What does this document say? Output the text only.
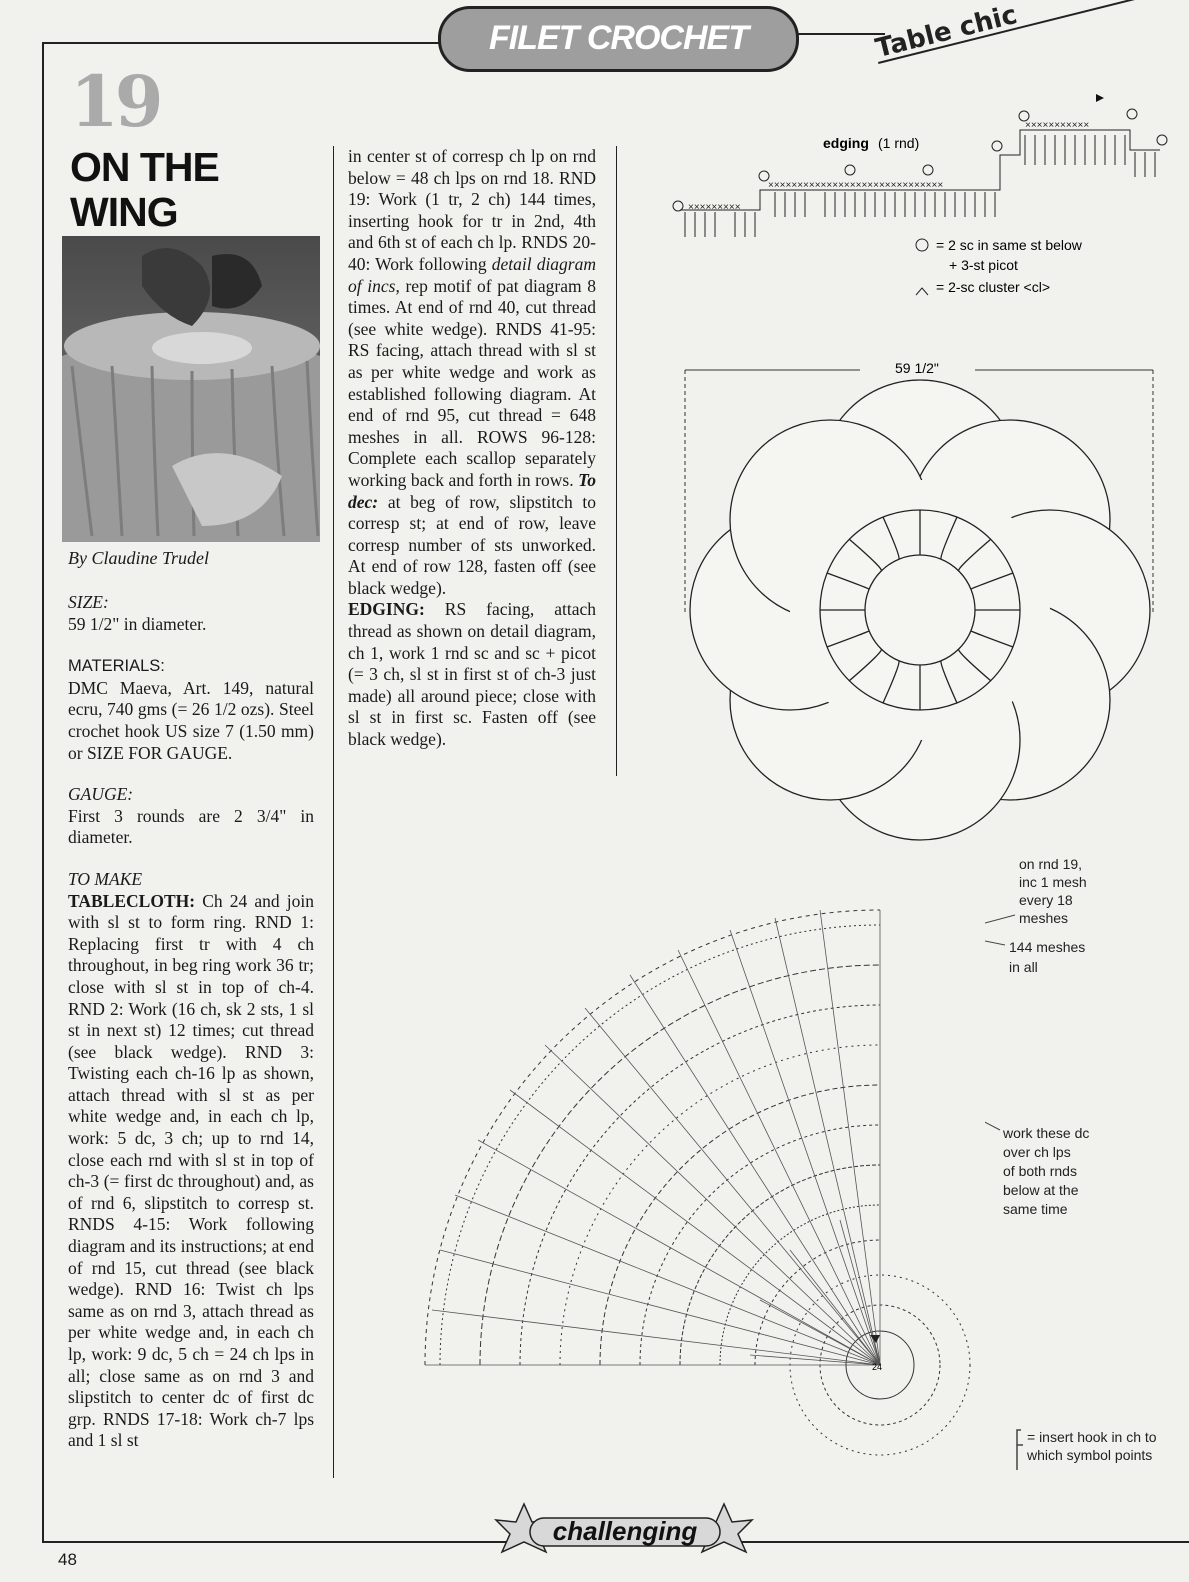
FILET CROCHET	Table chic
19
ON THE
WING
By Claudine Trudel

SIZE:
59 1/2" in diameter.

MATERIALS:
DMC Maeva, Art. 149, natural ecru, 740 gms (= 26 1/2 ozs). Steel crochet hook US size 7 (1.50 mm) or SIZE FOR GAUGE.

GAUGE:
First 3 rounds are 2 3/4" in diameter.

TO MAKE
TABLECLOTH: Ch 24 and join with sl st to form ring. RND 1: Replacing first tr with 4 ch throughout, in beg ring work 36 tr; close with sl st in top of ch-4. RND 2: Work (16 ch, sk 2 sts, 1 sl st in next st) 12 times; cut thread (see black wedge). RND 3: Twisting each ch-16 lp as shown, attach thread with sl st as per white wedge and, in each ch lp, work: 5 dc, 3 ch; up to rnd 14, close each rnd with sl st in top of ch-3 (= first dc throughout) and, as of rnd 6, slipstitch to corresp st. RNDS 4-15: Work following diagram and its instructions; at end of rnd 15, cut thread (see black wedge). RND 16: Twist ch lps same as on rnd 3, attach thread as per white wedge and, in each ch lp, work: 9 dc, 5 ch = 24 ch lps in all; close same as on rnd 3 and slipstitch to center dc of first dc grp. RNDS 17-18: Work ch-7 lps and 1 sl st

in center st of corresp ch lp on rnd below = 48 ch lps on rnd 18. RND 19: Work (1 tr, 2 ch) 144 times, inserting hook for tr in 2nd, 4th and 6th st of each ch lp. RNDS 20-40: Work following detail diagram of incs, rep motif of pat diagram 8 times. At end of rnd 40, cut thread (see white wedge). RNDS 41-95: RS facing, attach thread with sl st as per white wedge and work as established following diagram. At end of rnd 95, cut thread = 648 meshes in all. ROWS 96-128: Complete each scallop separately working back and forth in rows. To dec: at beg of row, slipstitch to corresp st; at end of row, leave corresp number of sts unworked. At end of row 128, fasten off (see black wedge).

EDGING: RS facing, attach thread as shown on detail diagram, ch 1, work 1 rnd sc and sc + picot (= 3 ch, sl st in first st of ch-3 just made) all around piece; close with sl st in first sc. Fasten off (see black wedge).

edging (1 rnd)
×××××××××
××××××××××××××××××××××××××××××
×××××××××××
= 2 sc in same st below
+ 3-st picot
= 2-sc cluster <cl>
59 1/2"
24
on rnd 19,
inc 1 mesh
every 18
meshes
144 meshes
in all
work these dc
over ch lps
of both rnds
below at the
same time
= insert hook in ch to
which symbol points
challenging
48
